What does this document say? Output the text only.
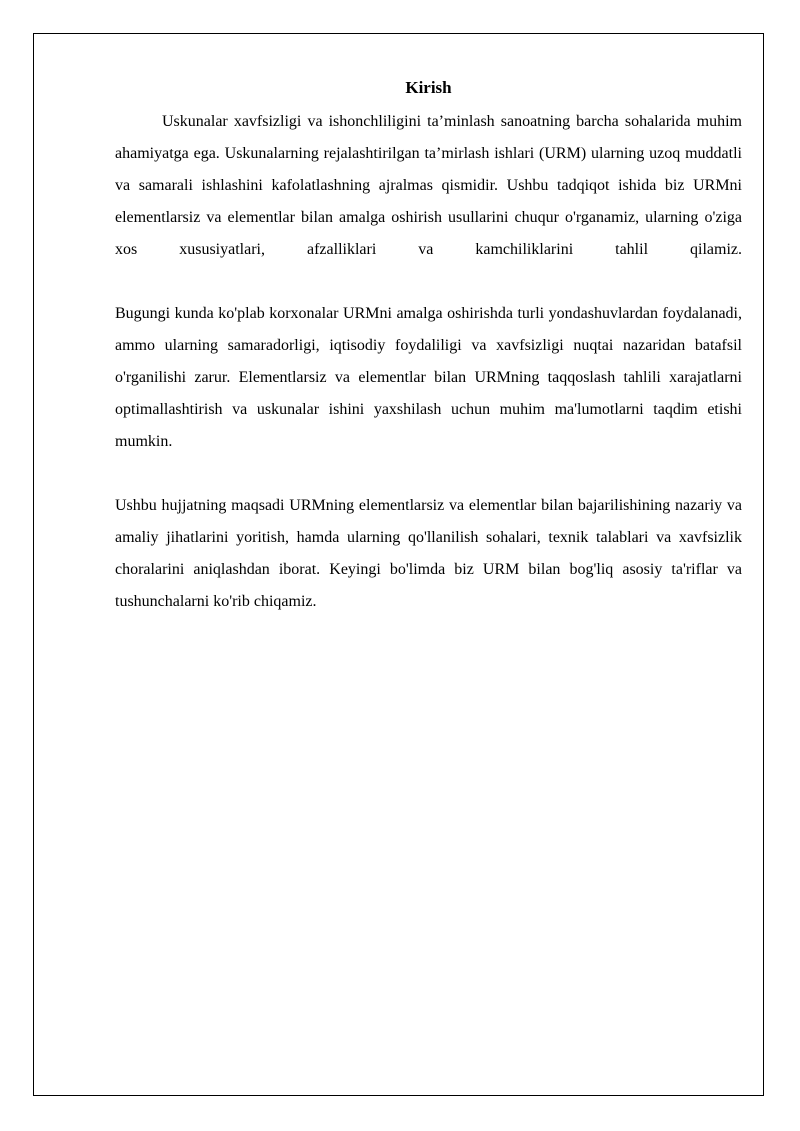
Kirish

Uskunalar xavfsizligi va ishonchliligini ta’minlash sanoatning barcha sohalarida muhim ahamiyatga ega. Uskunalarning rejalashtirilgan ta’mirlash ishlari (URM) ularning uzoq muddatli va samarali ishlashini kafolatlashning ajralmas qismidir. Ushbu tadqiqot ishida biz URMni elementlarsiz va elementlar bilan amalga oshirish usullarini chuqur o'rganamiz, ularning o'ziga xos xususiyatlari, afzalliklari va kamchiliklarini tahlil qilamiz.

Bugungi kunda ko'plab korxonalar URMni amalga oshirishda turli yondashuvlardan foydalanadi, ammo ularning samaradorligi, iqtisodiy foydaliligi va xavfsizligi nuqtai nazaridan batafsil o'rganilishi zarur. Elementlarsiz va elementlar bilan URMning taqqoslash tahlili xarajatlarni optimallashtirish va uskunalar ishini yaxshilash uchun muhim ma'lumotlarni taqdim etishi mumkin.

Ushbu hujjatning maqsadi URMning elementlarsiz va elementlar bilan bajarilishining nazariy va amaliy jihatlarini yoritish, hamda ularning qo'llanilish sohalari, texnik talablari va xavfsizlik choralarini aniqlashdan iborat. Keyingi bo'limda biz URM bilan bog'liq asosiy ta'riflar va tushunchalarni ko'rib chiqamiz.
